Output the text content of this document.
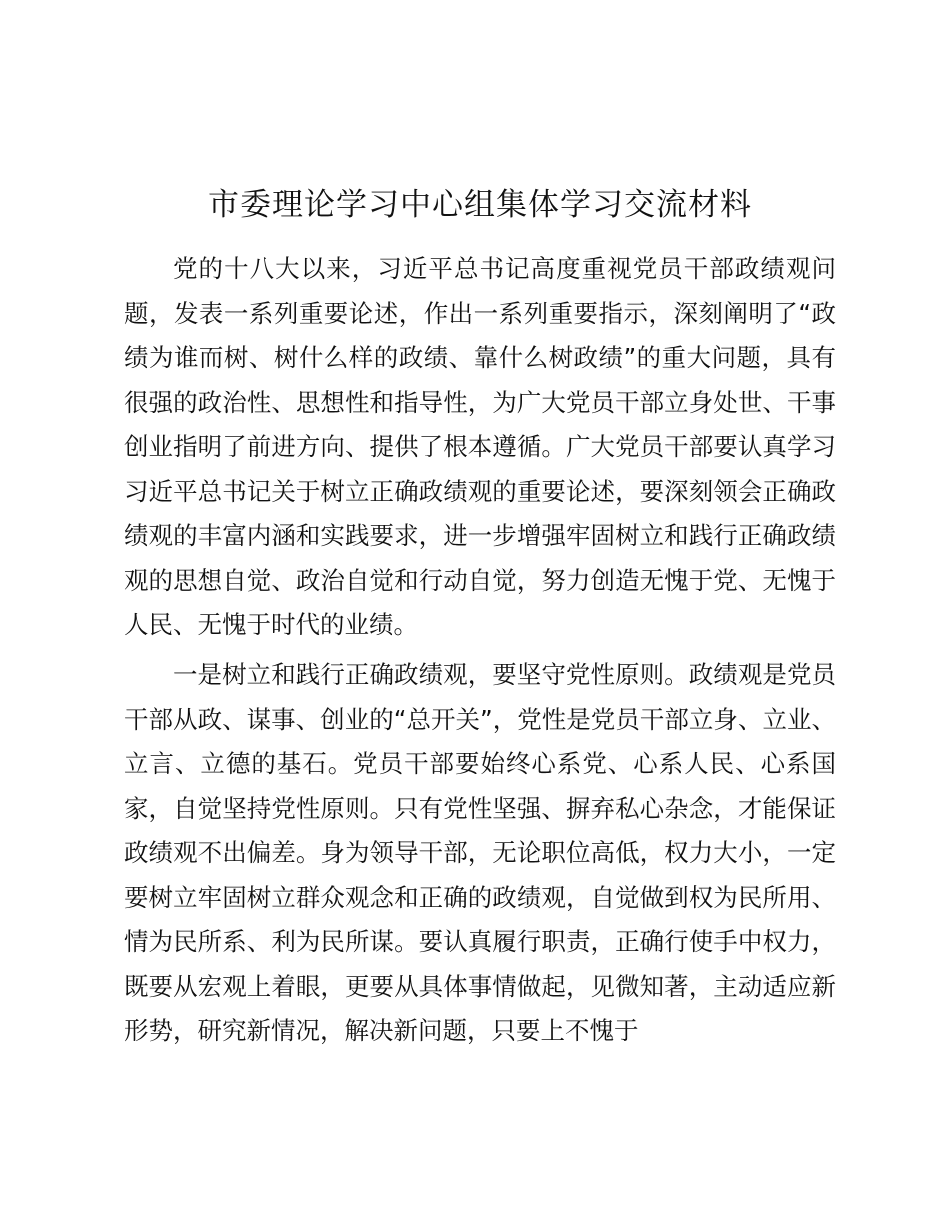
市委理论学习中心组集体学习交流材料

党的十八大以来，习近平总书记高度重视党员干部政绩观问题，发表一系列重要论述，作出一系列重要指示，深刻阐明了“政绩为谁而树、树什么样的政绩、靠什么树政绩”的重大问题，具有很强的政治性、思想性和指导性，为广大党员干部立身处世、干事创业指明了前进方向、提供了根本遵循。广大党员干部要认真学习习近平总书记关于树立正确政绩观的重要论述，要深刻领会正确政绩观的丰富内涵和实践要求，进一步增强牢固树立和践行正确政绩观的思想自觉、政治自觉和行动自觉，努力创造无愧于党、无愧于人民、无愧于时代的业绩。

一是树立和践行正确政绩观，要坚守党性原则。政绩观是党员干部从政、谋事、创业的“总开关”，党性是党员干部立身、立业、立言、立德的基石。党员干部要始终心系党、心系人民、心系国家，自觉坚持党性原则。只有党性坚强、摒弃私心杂念，才能保证政绩观不出偏差。身为领导干部，无论职位高低，权力大小，一定要树立牢固树立群众观念和正确的政绩观，自觉做到权为民所用、情为民所系、利为民所谋。要认真履行职责，正确行使手中权力，既要从宏观上着眼，更要从具体事情做起，见微知著，主动适应新形势，研究新情况，解决新问题，只要上不愧于
